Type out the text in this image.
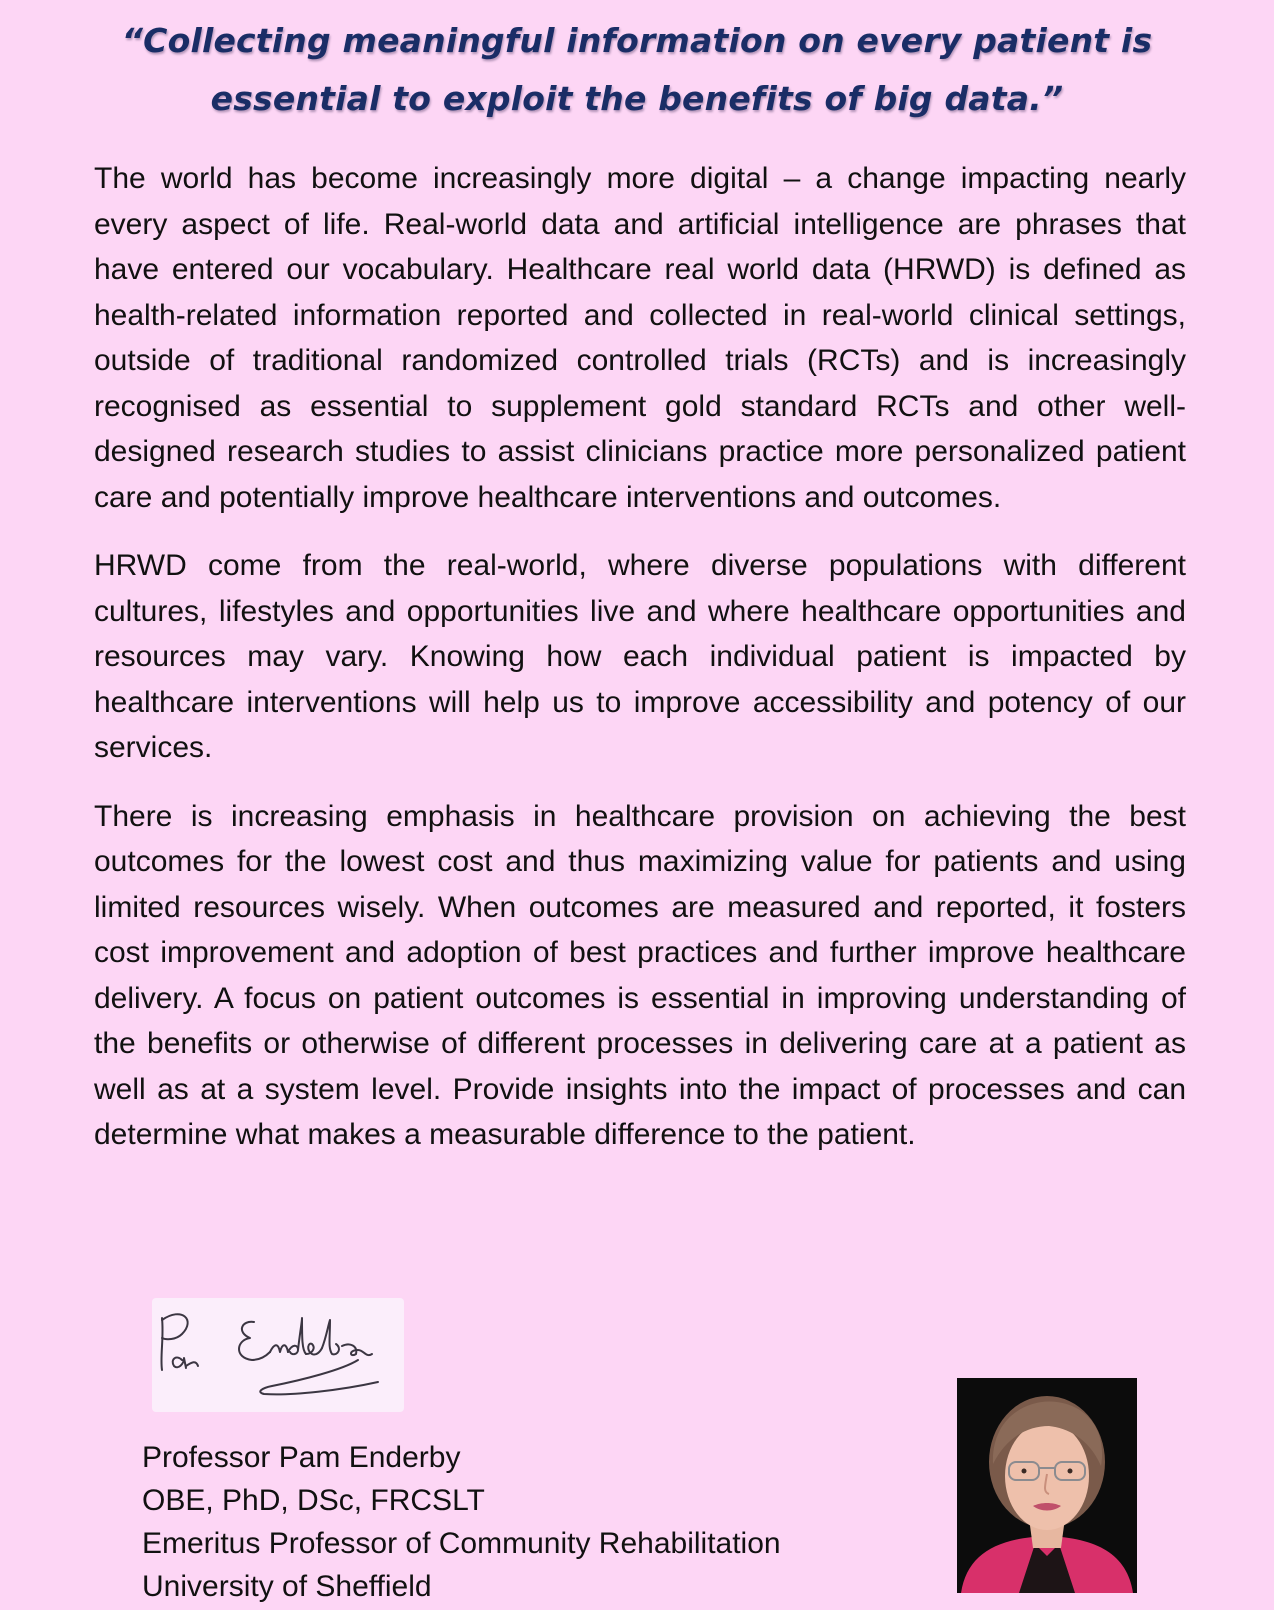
“Collecting meaningful information on every patient is
essential to exploit the benefits of big data.”

The world has become increasingly more digital – a change impacting nearly every aspect of life. Real-world data and artificial intelligence are phrases that have entered our vocabulary. Healthcare real world data (HRWD) is defined as health-related information reported and collected in real-world clinical settings, outside of traditional randomized controlled trials (RCTs) and is increasingly recognised as essential to supplement gold standard RCTs and other well-designed research studies to assist clinicians practice more personalized patient care and potentially improve healthcare interventions and outcomes.

HRWD come from the real-world, where diverse populations with different cultures, lifestyles and opportunities live and where healthcare opportunities and resources may vary. Knowing how each individual patient is impacted by healthcare interventions will help us to improve accessibility and potency of our services.

There is increasing emphasis in healthcare provision on achieving the best outcomes for the lowest cost and thus maximizing value for patients and using limited resources wisely. When outcomes are measured and reported, it fosters cost improvement and adoption of best practices and further improve healthcare delivery. A focus on patient outcomes is essential in improving understanding of the benefits or otherwise of different processes in delivering care at a patient as well as at a system level. Provide insights into the impact of processes and can determine what makes a measurable difference to the patient.

Professor Pam Enderby
OBE, PhD, DSc, FRCSLT
Emeritus Professor of Community Rehabilitation
University of Sheffield
